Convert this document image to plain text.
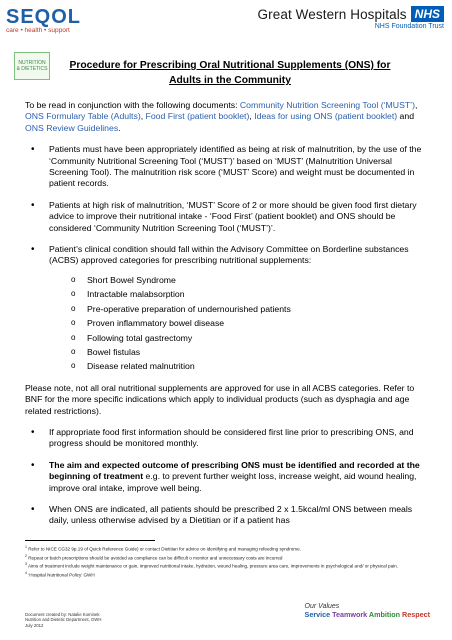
SEQOL
care • health • support
Great Western Hospitals NHS
NHS Foundation Trust
NUTRITION
& DIETETICS	Procedure for Prescribing Oral Nutritional Supplements (ONS) for
Adults in the Community

To be read in conjunction with the following documents: Community Nutrition Screening Tool (‘MUST’), ONS Formulary Table (Adults), Food First (patient booklet), Ideas for using ONS (patient booklet) and ONS Review Guidelines.

• Patients must have been appropriately identified as being at risk of malnutrition, by the use of the ‘Community Nutritional Screening Tool (‘MUST’)’ based on ‘MUST’ (Malnutrition Universal Screening Tool). The malnutrition risk score (‘MUST’ Score) and weight must be documented in patient records.
• Patients at high risk of malnutrition, ‘MUST’ Score of 2 or more should be given food first dietary advice to improve their nutritional intake - ‘Food First’ (patient booklet) and ONS should be considered ‘Community Nutrition Screening Tool (‘MUST’)’.
• Patient’s clinical condition should fall within the Advisory Committee on Borderline substances (ACBS) approved categories for prescribing nutritional supplements:
o Short Bowel Syndrome
o Intractable malabsorption
o Pre-operative preparation of undernourished patients
o Proven inflammatory bowel disease
o Following total gastrectomy
o Bowel fistulas
o Disease related malnutrition

Please note, not all oral nutritional supplements are approved for use in all ACBS categories. Refer to BNF for the more specific indications which apply to individual products (such as dysphagia and age related restrictions).

• If appropriate food first information should be considered first line prior to prescribing ONS, and progress should be monitored monthly.
• The aim and expected outcome of prescribing ONS must be identified and recorded at the beginning of treatment e.g. to prevent further weight loss, increase weight, aid wound healing, improve oral intake, improve well being.
• When ONS are indicated, all patients should be prescribed 2 x 1.5kcal/ml ONS between meals daily, unless otherwise advised by a Dietitian or if a patient has
$^1$ Refer to NICE CG32 9p.19 of Quick Reference Guide) or contact Dietitian for advice on identifying and managing refeeding syndrome.
$^2$ Repeat or batch prescriptions should be avoided as compliance can be difficult o monitor and unnecessary costs are incurred
$^3$ Aims of treatment include weight maintenance or gain, improved nutritional intake, hydration, wound healing, pressure area care, improvements in psychological and/ or physical pain.
$^4$ ‘Hospital Nutritional Policy’ GWH
Document created by: Natalie Kominek
Nutrition and Dietetic Department, GWH
July 2012
Our Values
Service Teamwork Ambition Respect
